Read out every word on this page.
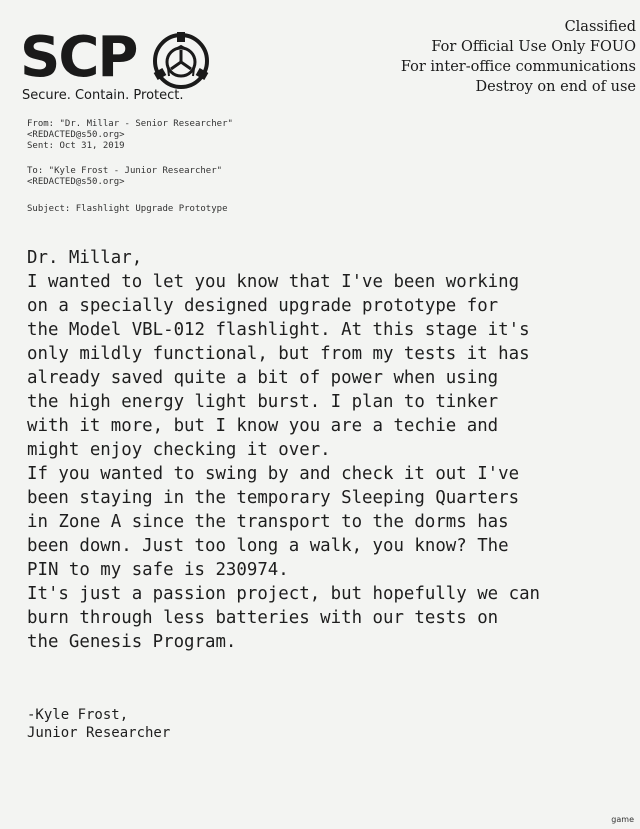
SCP
Secure. Contain. Protect.
Classified
For Official Use Only FOUO
For inter-office communications
Destroy on end of use
From: "Dr. Millar - Senior Researcher"
<REDACTED@s50.org>
Sent: Oct 31, 2019
To: "Kyle Frost - Junior Researcher"
<REDACTED@s50.org>
Subject: Flashlight Upgrade Prototype
Dr. Millar,
I wanted to let you know that I've been working
on a specially designed upgrade prototype for
the Model VBL-012 flashlight. At this stage it's
only mildly functional, but from my tests it has
already saved quite a bit of power when using
the high energy light burst. I plan to tinker
with it more, but I know you are a techie and
might enjoy checking it over.
If you wanted to swing by and check it out I've
been staying in the temporary Sleeping Quarters
in Zone A since the transport to the dorms has
been down. Just too long a walk, you know? The
PIN to my safe is 230974.
It's just a passion project, but hopefully we can
burn through less batteries with our tests on
the Genesis Program.
-Kyle Frost,
Junior Researcher
game
